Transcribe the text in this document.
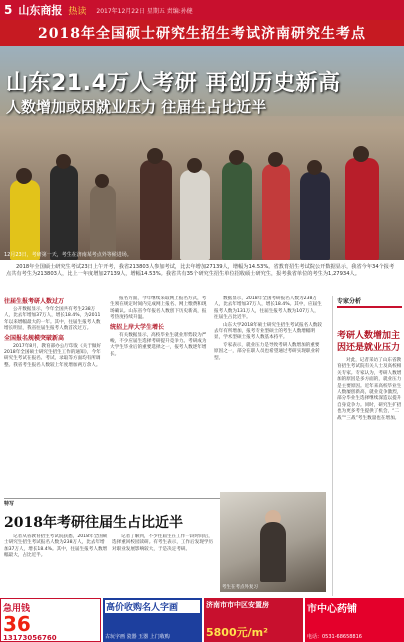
5 山东商报 热读 2017年12月22日 星期五 责编:孙健
2018年全国硕士研究生招生考试济南研究生考点
山东21.4万人考研 再创历史新高
人数增加或因就业压力 往届生占比近半
12月23日，考研第一天，考生在济南某考点外等候进场。

2018年全国硕士研究生考试23日上午开考，我省213803人参加考试，比去年增加27139人，增幅为14.53%。省教育招生考试院公开数据显示，我省今年34个报考点共有考生为213803人，比上一年度增加27139人，增幅14.53%。我省共有35个研究生招生单位招收硕士研究生，报考我省单位的考生为1,27934人。

往届生报考研人数过万

公开数据显示，今年全国共有考生238万人，比去年增加37万人，增长18.4%，为2011年以来增幅最大的一年。其中，往届生报考人数增长明显，我省往届生报考人数首次过万。

全国报名规模突破新高

2017年8月，教育部办公厅印发《关于做好2018年全国硕士研究生招生工作的通知》，今年研究生考试在报名、考试、录取等方面均有所调整。我省考生报名人数较上年度增加两万余人。

报名方面，今年继续采取网上报名方式，考生须在规定时间内完成网上报名、网上缴费和现场确认。山东省今年报名人数创下历史新高，报考热度持续升温。

统招上岸大学生增长

有关数据显示，高校毕业生就业形势较为严峻，不少应届生选择考研提升竞争力。考研成为大学生毕业后的重要选择之一，报考人数逐年增长。

数据显示，2018年全国考研报名人数为238万人，比去年增加37万人，增长18.4%。其中，应届生报考人数为131万人，往届生报考人数为107万人，往届生占比近半。

山东大学2018年硕士研究生招生考试报名人数较去年有所增加，报考专业型硕士的考生人数增幅明显，学术型硕士报考人数基本持平。

专家表示，就业压力是导致考研人数增加的重要原因之一，部分在职人员也希望通过考研实现职业转型。

专家分析
考研人数增加主因还是就业压力

对此，记者采访了山东省教育招生考试院有关人士及高校相关专家。专家认为，考研人数增加的原因是多方面的，就业压力是主要原因。近年来高校毕业生人数屡创新高，就业竞争激烈，部分毕业生选择继续深造以提升自身竞争力。同时，研究生扩招也为更多考生提供了机会，“二战”“三战”考生数量也在增加。

特写
2018年考研往届生占比近半

记者从省教育招生考试院获悉，2018年全国硕士研究生招生考试报名人数为238万人，比去年增加37万人，增长18.4%。其中，往届生报考人数增幅最大，占比近半。

记者了解到，不少往届生在工作一段时间后，选择重回校园读研。有考生表示，工作后发现学历对职业发展影响较大，于是决定考研。

考生在考点外复习
急用钱
36
13173056760
高价收购名人字画
古玩字画 瓷器 玉器 上门收购
济南市市中区安置房
5800元/m²
市中心药铺
电话：0531-68658816
